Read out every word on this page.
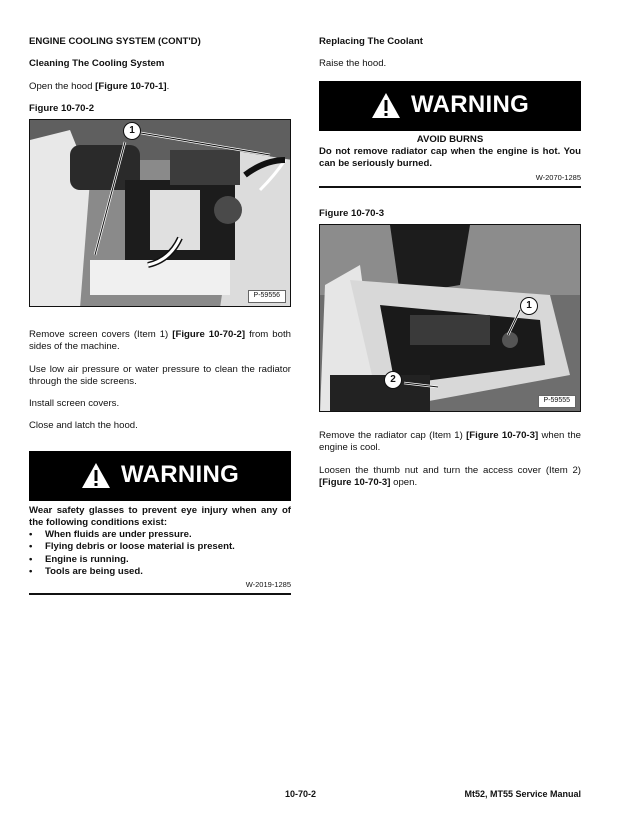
ENGINE COOLING SYSTEM (CONT'D)

Cleaning The Cooling System

Open the hood [Figure 10-70-1].

Figure 10-70-2

1
P-59556

Remove screen covers (Item 1) [Figure 10-70-2] from both sides of the machine.

Use low air pressure or water pressure to clean the radiator through the side screens.

Install screen covers.

Close and latch the hood.

WARNING

Wear safety glasses to prevent eye injury when any of the following conditions exist:

• When fluids are under pressure.
• Flying debris or loose material is present.
• Engine is running.
• Tools are being used.

W-2019-1285

Replacing The Coolant

Raise the hood.

WARNING

AVOID BURNS

Do not remove radiator cap when the engine is hot. You can be seriously burned.

W-2070-1285

Figure 10-70-3

1
2
P-59555

Remove the radiator cap (Item 1) [Figure 10-70-3] when the engine is cool.

Loosen the thumb nut and turn the access cover (Item 2) [Figure 10-70-3] open.

10-70-2	Mt52, MT55 Service Manual
